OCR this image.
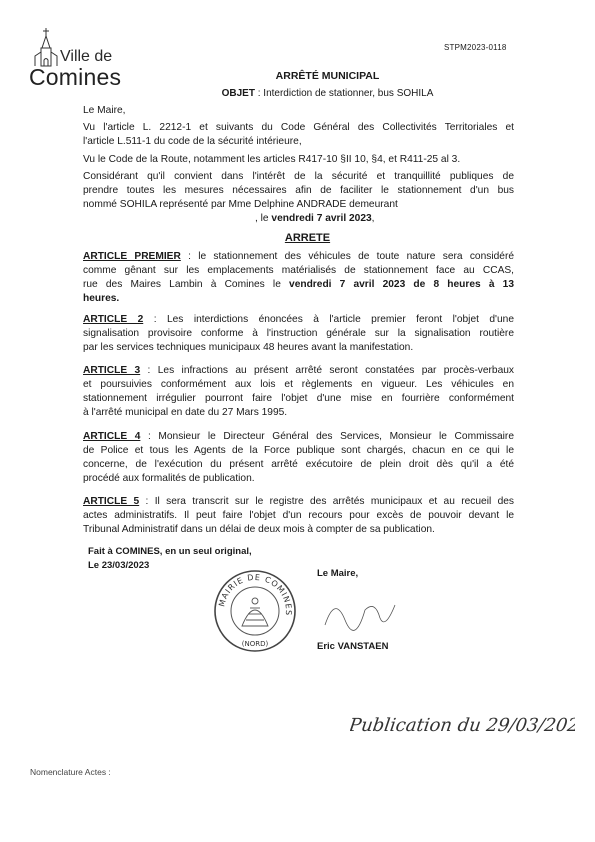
Ville de
Comines
STPM2023-0118
ARRÊTÉ MUNICIPAL
OBJET : Interdiction de stationner, bus SOHILA
Le Maire,
Vu l'article L. 2212-1 et suivants du Code Général des Collectivités Territoriales et
l'article L.511-1 du code de la sécurité intérieure,
Vu le Code de la Route, notamment les articles R417-10 §II 10, §4, et R411-25 al 3.
Considérant qu'il convient dans l'intérêt de la sécurité et tranquillité publiques de
prendre toutes les mesures nécessaires afin de faciliter le stationnement d'un bus
nommé SOHILA représenté par Mme Delphine ANDRADE demeurant
, le vendredi 7 avril 2023,
ARRETE
ARTICLE PREMIER : le stationnement des véhicules de toute nature sera considéré
comme gênant sur les emplacements matérialisés de stationnement face au CCAS,
rue des Maires Lambin à Comines le vendredi 7 avril 2023 de 8 heures à 13
heures.
ARTICLE 2 : Les interdictions énoncées à l'article premier feront l'objet d'une
signalisation provisoire conforme à l'instruction générale sur la signalisation routière
par les services techniques municipaux 48 heures avant la manifestation.
ARTICLE 3 : Les infractions au présent arrêté seront constatées par procès-verbaux
et poursuivies conformément aux lois et règlements en vigueur. Les véhicules en
stationnement irrégulier pourront faire l'objet d'une mise en fourrière conformément
à l'arrêté municipal en date du 27 Mars 1995.
ARTICLE 4 : Monsieur le Directeur Général des Services, Monsieur le Commissaire
de Police et tous les Agents de la Force publique sont chargés, chacun en ce qui le
concerne, de l'exécution du présent arrêté exécutoire de plein droit dès qu'il a été
procédé aux formalités de publication.
ARTICLE 5 : Il sera transcrit sur le registre des arrêtés municipaux et au recueil des
actes administratifs. Il peut faire l'objet d'un recours pour excès de pouvoir devant le
Tribunal Administratif dans un délai de deux mois à compter de sa publication.
Fait à COMINES, en un seul original,
Le 23/03/2023
Le Maire,
Eric VANSTAEN
MAIRIE DE COMINES
(NORD)
Publication du 29/03/2023
Nomenclature Actes :
